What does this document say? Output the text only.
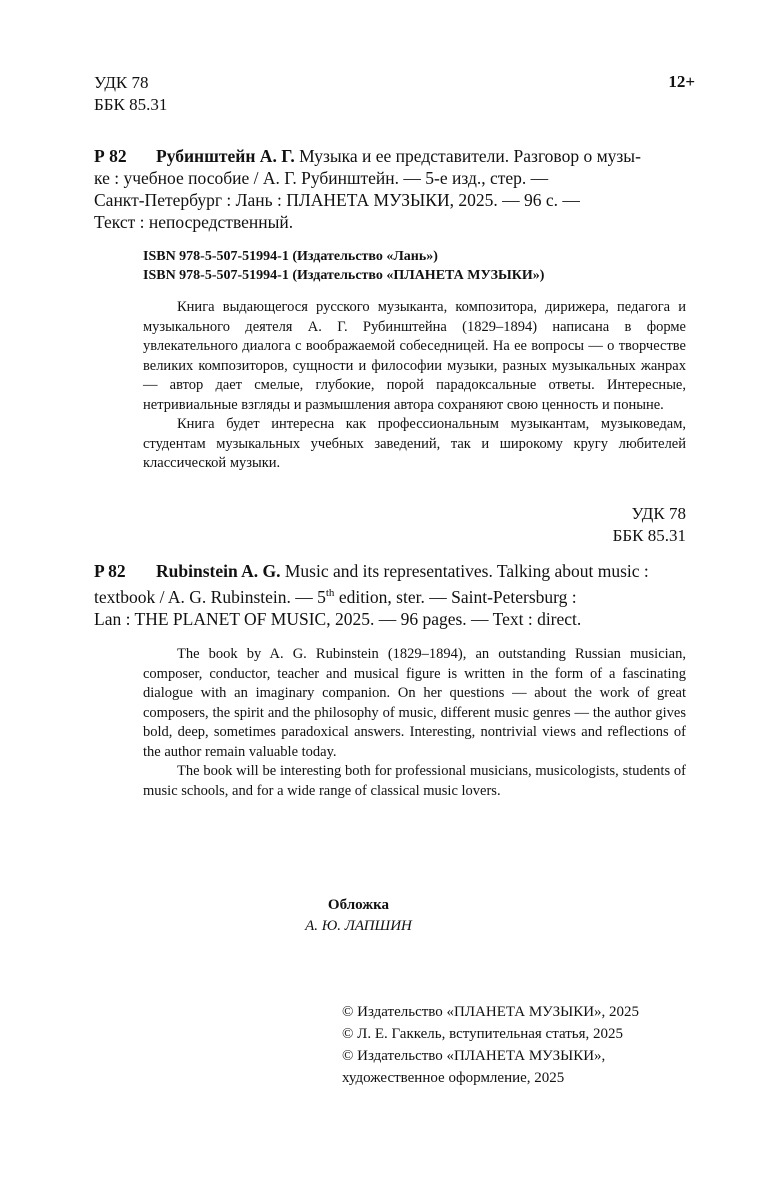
УДК 78
ББК 85.31
12+
Р 82	Рубинштейн А. Г. Музыка и ее представители. Разговор о музы-

ке : учебное пособие / А. Г. Рубинштейн. — 5-е изд., стер. —

Санкт-Петербург : Лань : ПЛАНЕТА МУЗЫКИ, 2025. — 96 с. —

Текст : непосредственный.

ISBN 978-5-507-51994-1 (Издательство «Лань»)
ISBN 978-5-507-51994-1 (Издательство «ПЛАНЕТА МУЗЫКИ»)

Книга выдающегося русского музыканта, композитора, дирижера, педагога и музыкального деятеля А. Г. Рубинштейна (1829–1894) написана в форме увлекательного диалога с воображаемой собеседницей. На ее вопросы — о творчестве великих композиторов, сущности и философии музыки, разных музыкальных жанрах — автор дает смелые, глубокие, порой парадоксальные ответы. Интересные, нетривиальные взгляды и размышления автора сохраняют свою ценность и поныне.

Книга будет интересна как профессиональным музыкантам, музыковедам, студентам музыкальных учебных заведений, так и широкому кругу любителей классической музыки.

УДК 78
ББК 85.31
P 82	Rubinstein A. G. Music and its representatives. Talking about music :

textbook / A. G. Rubinstein. — 5th edition, ster. — Saint-Petersburg :

Lan : THE PLANET OF MUSIC, 2025. — 96 pages. — Text : direct.

The book by A. G. Rubinstein (1829–1894), an outstanding Russian musician, composer, conductor, teacher and musical figure is written in the form of a fascinating dialogue with an imaginary companion. On her questions — about the work of great composers, the spirit and the philosophy of music, different music genres — the author gives bold, deep, sometimes paradoxical answers. Interesting, nontrivial views and reflections of the author remain valuable today.

The book will be interesting both for professional musicians, musicologists, students of music schools, and for a wide range of classical music lovers.

Обложка
А. Ю. ЛАПШИН
© Издательство «ПЛАНЕТА МУЗЫКИ», 2025
© Л. Е. Гаккель, вступительная статья, 2025
© Издательство «ПЛАНЕТА МУЗЫКИ»,
художественное оформление, 2025
